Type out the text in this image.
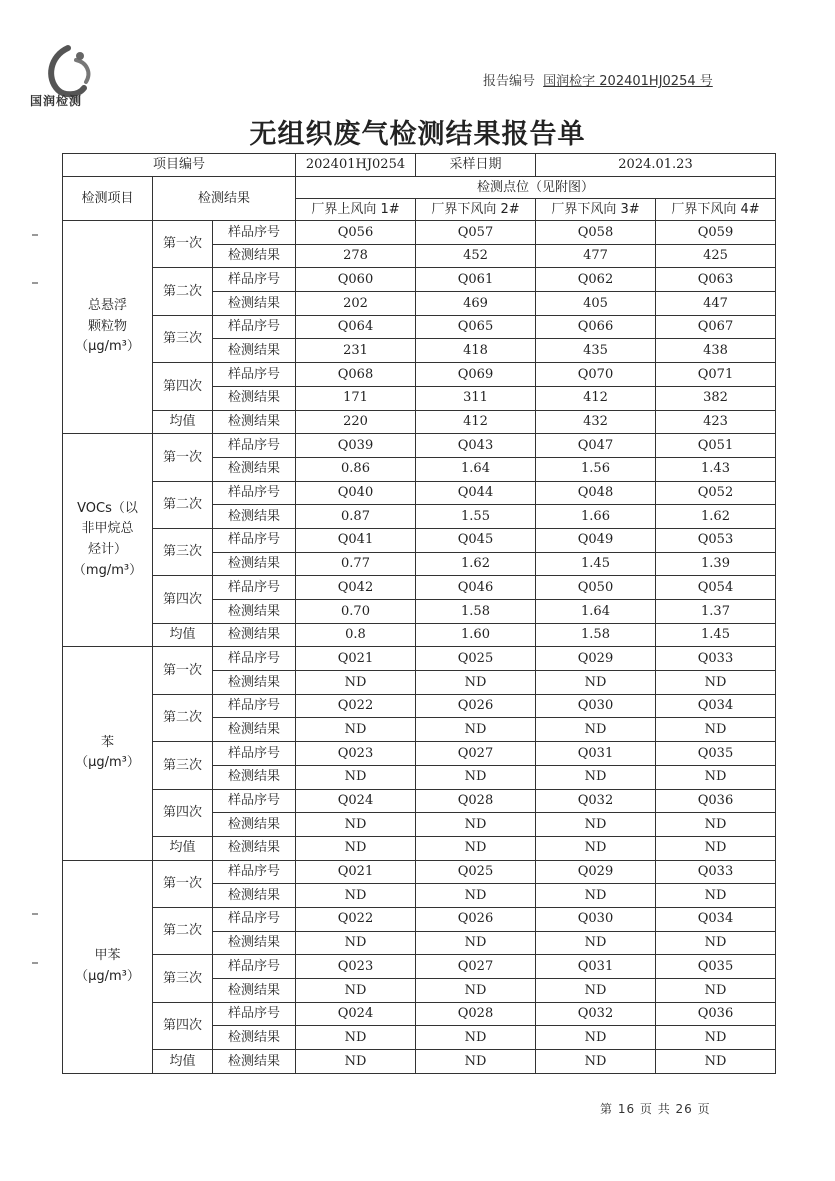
国润检测
报告编号 国润检字 202401HJ0254 号
无组织废气检测结果报告单
项目编号			202401HJ0254	采样日期	2024.01.23	
检测项目	检测结果		检测点位（见附图）			
			厂界上风向 1#	厂界下风向 2#	厂界下风向 3#	厂界下风向 4#

总悬浮
颗粒物
（μg/m³）	第一次	样品序号	Q056	Q057	Q058	Q059
		检测结果	278	452	477	425
	第二次	样品序号	Q060	Q061	Q062	Q063
		检测结果	202	469	405	447
	第三次	样品序号	Q064	Q065	Q066	Q067
		检测结果	231	418	435	438
	第四次	样品序号	Q068	Q069	Q070	Q071
		检测结果	171	311	412	382
	均值	检测结果	220	412	432	423

VOCs（以
非甲烷总
烃计）
（mg/m³）	第一次	样品序号	Q039	Q043	Q047	Q051
		检测结果	0.86	1.64	1.56	1.43
	第二次	样品序号	Q040	Q044	Q048	Q052
		检测结果	0.87	1.55	1.66	1.62
	第三次	样品序号	Q041	Q045	Q049	Q053
		检测结果	0.77	1.62	1.45	1.39
	第四次	样品序号	Q042	Q046	Q050	Q054
		检测结果	0.70	1.58	1.64	1.37
	均值	检测结果	0.8	1.60	1.58	1.45

苯
（μg/m³）	第一次	样品序号	Q021	Q025	Q029	Q033
		检测结果	ND	ND	ND	ND
	第二次	样品序号	Q022	Q026	Q030	Q034
		检测结果	ND	ND	ND	ND
	第三次	样品序号	Q023	Q027	Q031	Q035
		检测结果	ND	ND	ND	ND
	第四次	样品序号	Q024	Q028	Q032	Q036
		检测结果	ND	ND	ND	ND
	均值	检测结果	ND	ND	ND	ND

甲苯
（μg/m³）	第一次	样品序号	Q021	Q025	Q029	Q033
		检测结果	ND	ND	ND	ND
	第二次	样品序号	Q022	Q026	Q030	Q034
		检测结果	ND	ND	ND	ND
	第三次	样品序号	Q023	Q027	Q031	Q035
		检测结果	ND	ND	ND	ND
	第四次	样品序号	Q024	Q028	Q032	Q036
		检测结果	ND	ND	ND	ND
	均值	检测结果	ND	ND	ND	ND
第 16 页 共 26 页
